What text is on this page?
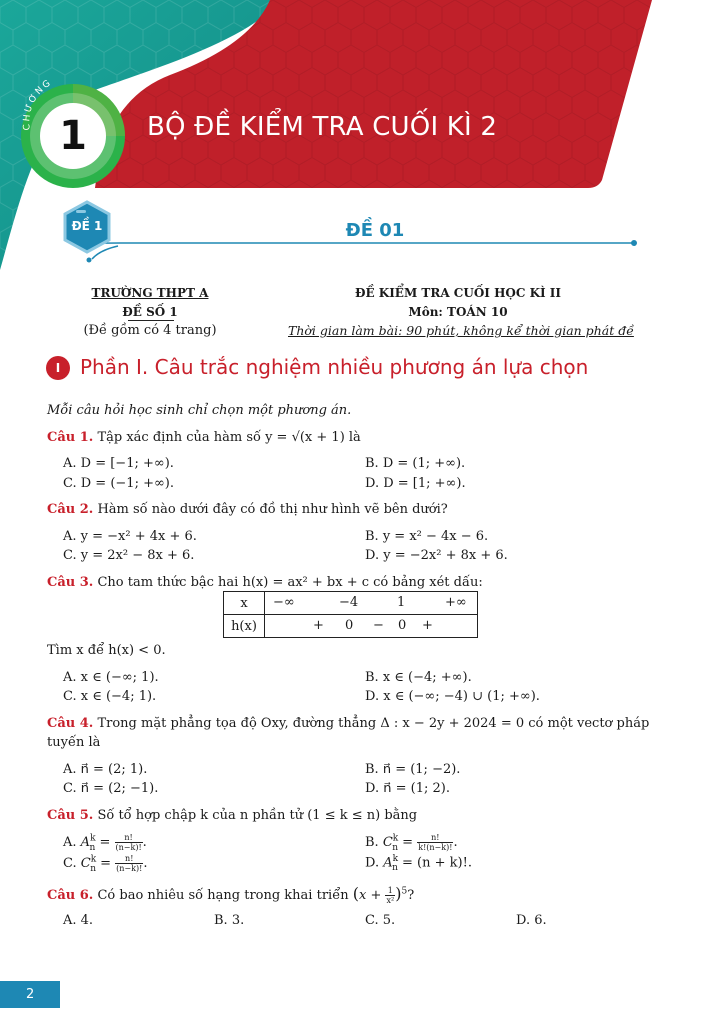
CHƯƠNG
1	BỘ ĐỀ KIỂM TRA CUỐI KÌ 2
ĐỀ 1	ĐỀ 01
TRƯỜNG THPT A
ĐỀ SỐ 1
(Đề gồm có 4 trang)
ĐỀ KIỂM TRA CUỐI HỌC KÌ II
Môn: TOÁN 10
Thời gian làm bài: 90 phút, không kể thời gian phát đề
I Phần I. Câu trắc nghiệm nhiều phương án lựa chọn
Mỗi câu hỏi học sinh chỉ chọn một phương án.
Câu 1. Tập xác định của hàm số y = √(x + 1) là
A. D = [−1; +∞).	B. D = (1; +∞).
C. D = (−1; +∞).	D. D = [1; +∞).
Câu 2. Hàm số nào dưới đây có đồ thị như hình vẽ bên dưới?
A. y = −x² + 4x + 6.	B. y = x² − 4x − 6.
C. y = 2x² − 8x + 6.	D. y = −2x² + 8x + 6.
Câu 3. Cho tam thức bậc hai h(x) = ax² + bx + c có bảng xét dấu:
x	−∞ −4 1 +∞

h(x)	+ 0 − 0 +
Tìm x để h(x) < 0.
A. x ∈ (−∞; 1).	B. x ∈ (−4; +∞).
C. x ∈ (−4; 1).	D. x ∈ (−∞; −4) ∪ (1; +∞).
Câu 4. Trong mặt phẳng tọa độ Oxy, đường thẳng Δ : x − 2y + 2024 = 0 có một vectơ pháp
tuyến là
A. n⃗ = (2; 1).	B. n⃗ = (1; −2).
C. n⃗ = (2; −1).	D. n⃗ = (1; 2).
Câu 5. Số tổ hợp chập k của n phần tử (1 ≤ k ≤ n) bằng
A. $A^k_n = \frac{n!}{(n-k)!}$ .	B. $C^k_n = \frac{n!}{k!(n-k)!}$ .
C. $C^k_n = \frac{n!}{(n-k)!}$ .	D. $A^k_n = (n + k)$!.
Câu 6. Có bao nhiêu số hạng trong khai triển $(x + \frac{1}{\text{x²}} )^5$?
A. 4.	B. 3.	C. 5.	D. 6.
2
